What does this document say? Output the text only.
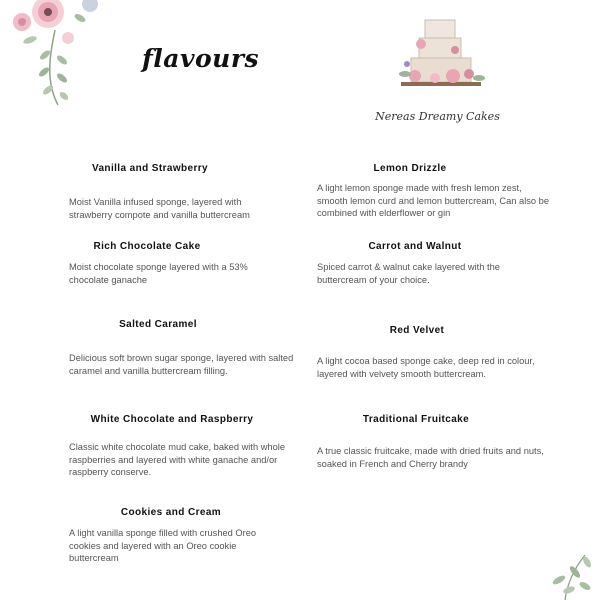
flavours
Nereas Dreamy Cakes
Vanilla and Strawberry
Moist Vanilla infused sponge, layered with strawberry compote and vanilla buttercream
Rich Chocolate Cake
Moist chocolate sponge layered with a 53% chocolate ganache
Salted Caramel
Delicious soft brown sugar sponge, layered with salted caramel and vanilla buttercream filling.
White Chocolate and Raspberry
Classic white chocolate mud cake, baked with whole raspberries and layered with white ganache and/or raspberry conserve.
Cookies and Cream
A light vanilla sponge filled with crushed Oreo cookies and layered with an Oreo cookie buttercream
Lemon Drizzle
A light lemon sponge made with fresh lemon zest, smooth lemon curd and lemon buttercream, Can also be combined with elderflower or gin
Carrot and Walnut
Spiced carrot & walnut cake layered with the buttercream of your choice.
Red Velvet
A light cocoa based sponge cake, deep red in colour, layered with velvety smooth buttercream.
Traditional Fruitcake
A true classic fruitcake, made with dried fruits and nuts, soaked in French and Cherry brandy
